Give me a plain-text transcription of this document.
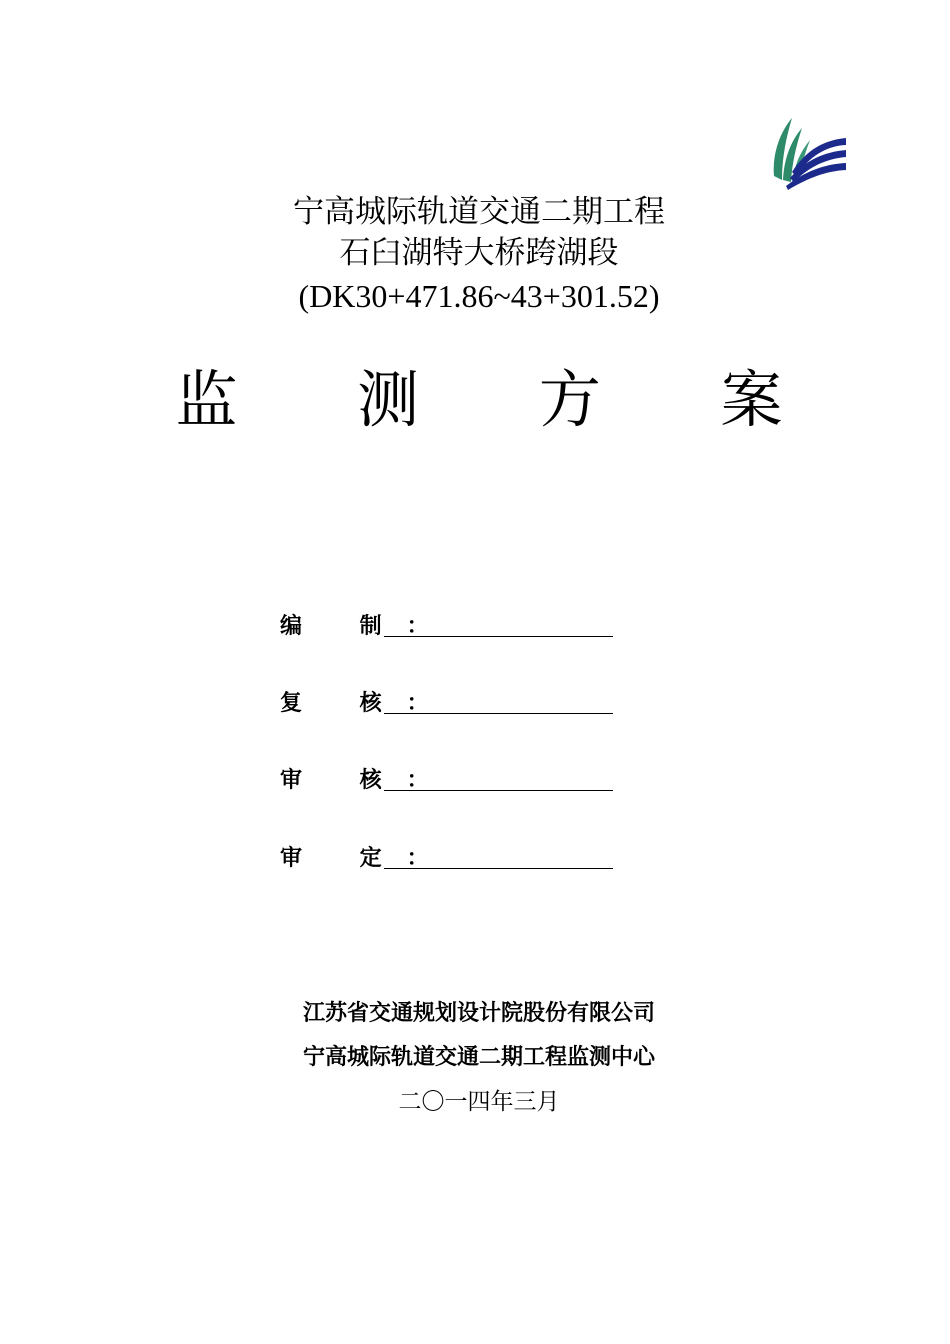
宁高城际轨道交通二期工程
石臼湖特大桥跨湖段
(DK30+471.86~43+301.52)
监 测 方 案
编 制：
复 核：
审 核：
审 定：
江苏省交通规划设计院股份有限公司
宁高城际轨道交通二期工程监测中心
二〇一四年三月
